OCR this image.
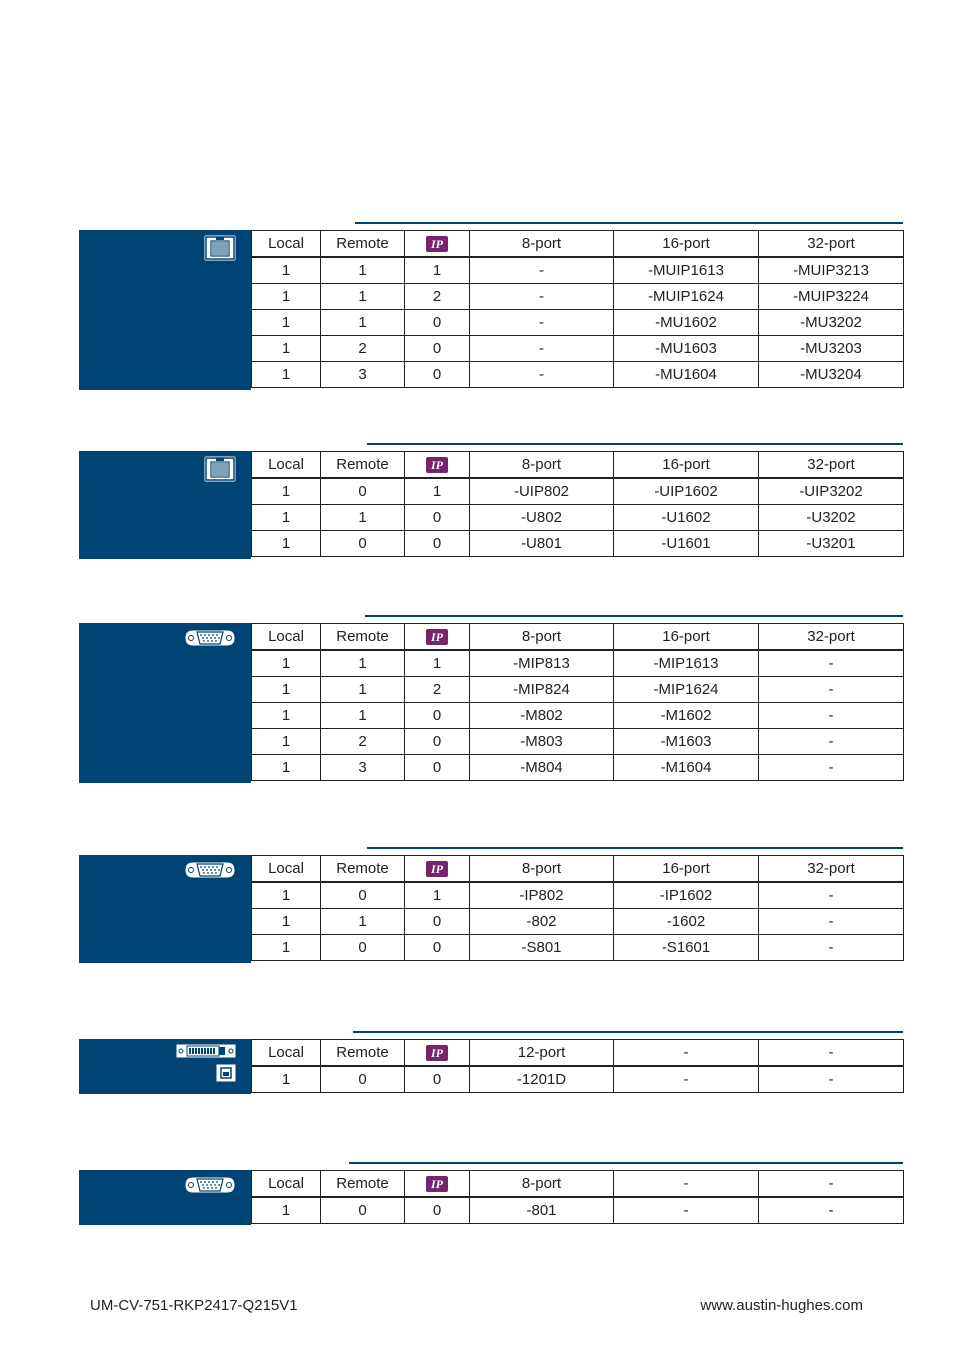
Local	Remote	IP	8-port	16-port	32-port
1	1	1	-	-MUIP1613	-MUIP3213
1	1	2	-	-MUIP1624	-MUIP3224
1	1	0	-	-MU1602	-MU3202
1	2	0	-	-MU1603	-MU3203
1	3	0	-	-MU1604	-MU3204
Local	Remote	IP	8-port	16-port	32-port
1	0	1	-UIP802	-UIP1602	-UIP3202
1	1	0	-U802	-U1602	-U3202
1	0	0	-U801	-U1601	-U3201
Local	Remote	IP	8-port	16-port	32-port
1	1	1	-MIP813	-MIP1613	-
1	1	2	-MIP824	-MIP1624	-
1	1	0	-M802	-M1602	-
1	2	0	-M803	-M1603	-
1	3	0	-M804	-M1604	-
Local	Remote	IP	8-port	16-port	32-port
1	0	1	-IP802	-IP1602	-
1	1	0	-802	-1602	-
1	0	0	-S801	-S1601	-
Local	Remote	IP	12-port	-	-
1	0	0	-1201D	-	-
Local	Remote	IP	8-port	-	-
1	0	0	-801	-	-
UM-CV-751-RKP2417-Q215V1	www.austin-hughes.com
